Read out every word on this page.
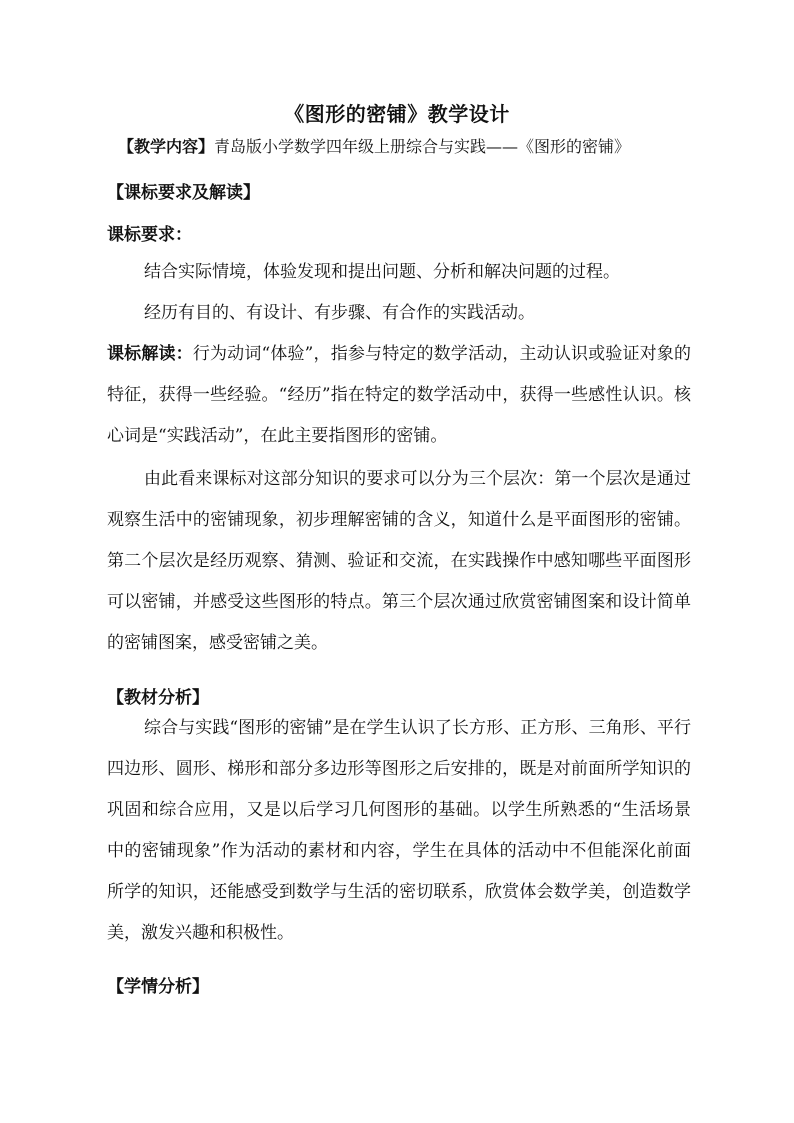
《图形的密铺》教学设计
【教学内容】青岛版小学数学四年级上册综合与实践——《图形的密铺》
【课标要求及解读】
课标要求：
结合实际情境，体验发现和提出问题、分析和解决问题的过程。
经历有目的、有设计、有步骤、有合作的实践活动。
课标解读：行为动词“体验”，指参与特定的数学活动，主动认识或验证对象的特征，获得一些经验。“经历”指在特定的数学活动中，获得一些感性认识。核心词是“实践活动”，在此主要指图形的密铺。
由此看来课标对这部分知识的要求可以分为三个层次：第一个层次是通过观察生活中的密铺现象，初步理解密铺的含义，知道什么是平面图形的密铺。第二个层次是经历观察、猜测、验证和交流，在实践操作中感知哪些平面图形可以密铺，并感受这些图形的特点。第三个层次通过欣赏密铺图案和设计简单的密铺图案，感受密铺之美。
【教材分析】
综合与实践“图形的密铺”是在学生认识了长方形、正方形、三角形、平行四边形、圆形、梯形和部分多边形等图形之后安排的，既是对前面所学知识的巩固和综合应用，又是以后学习几何图形的基础。以学生所熟悉的“生活场景中的密铺现象”作为活动的素材和内容，学生在具体的活动中不但能深化前面所学的知识，还能感受到数学与生活的密切联系，欣赏体会数学美，创造数学美，激发兴趣和积极性。
【学情分析】
